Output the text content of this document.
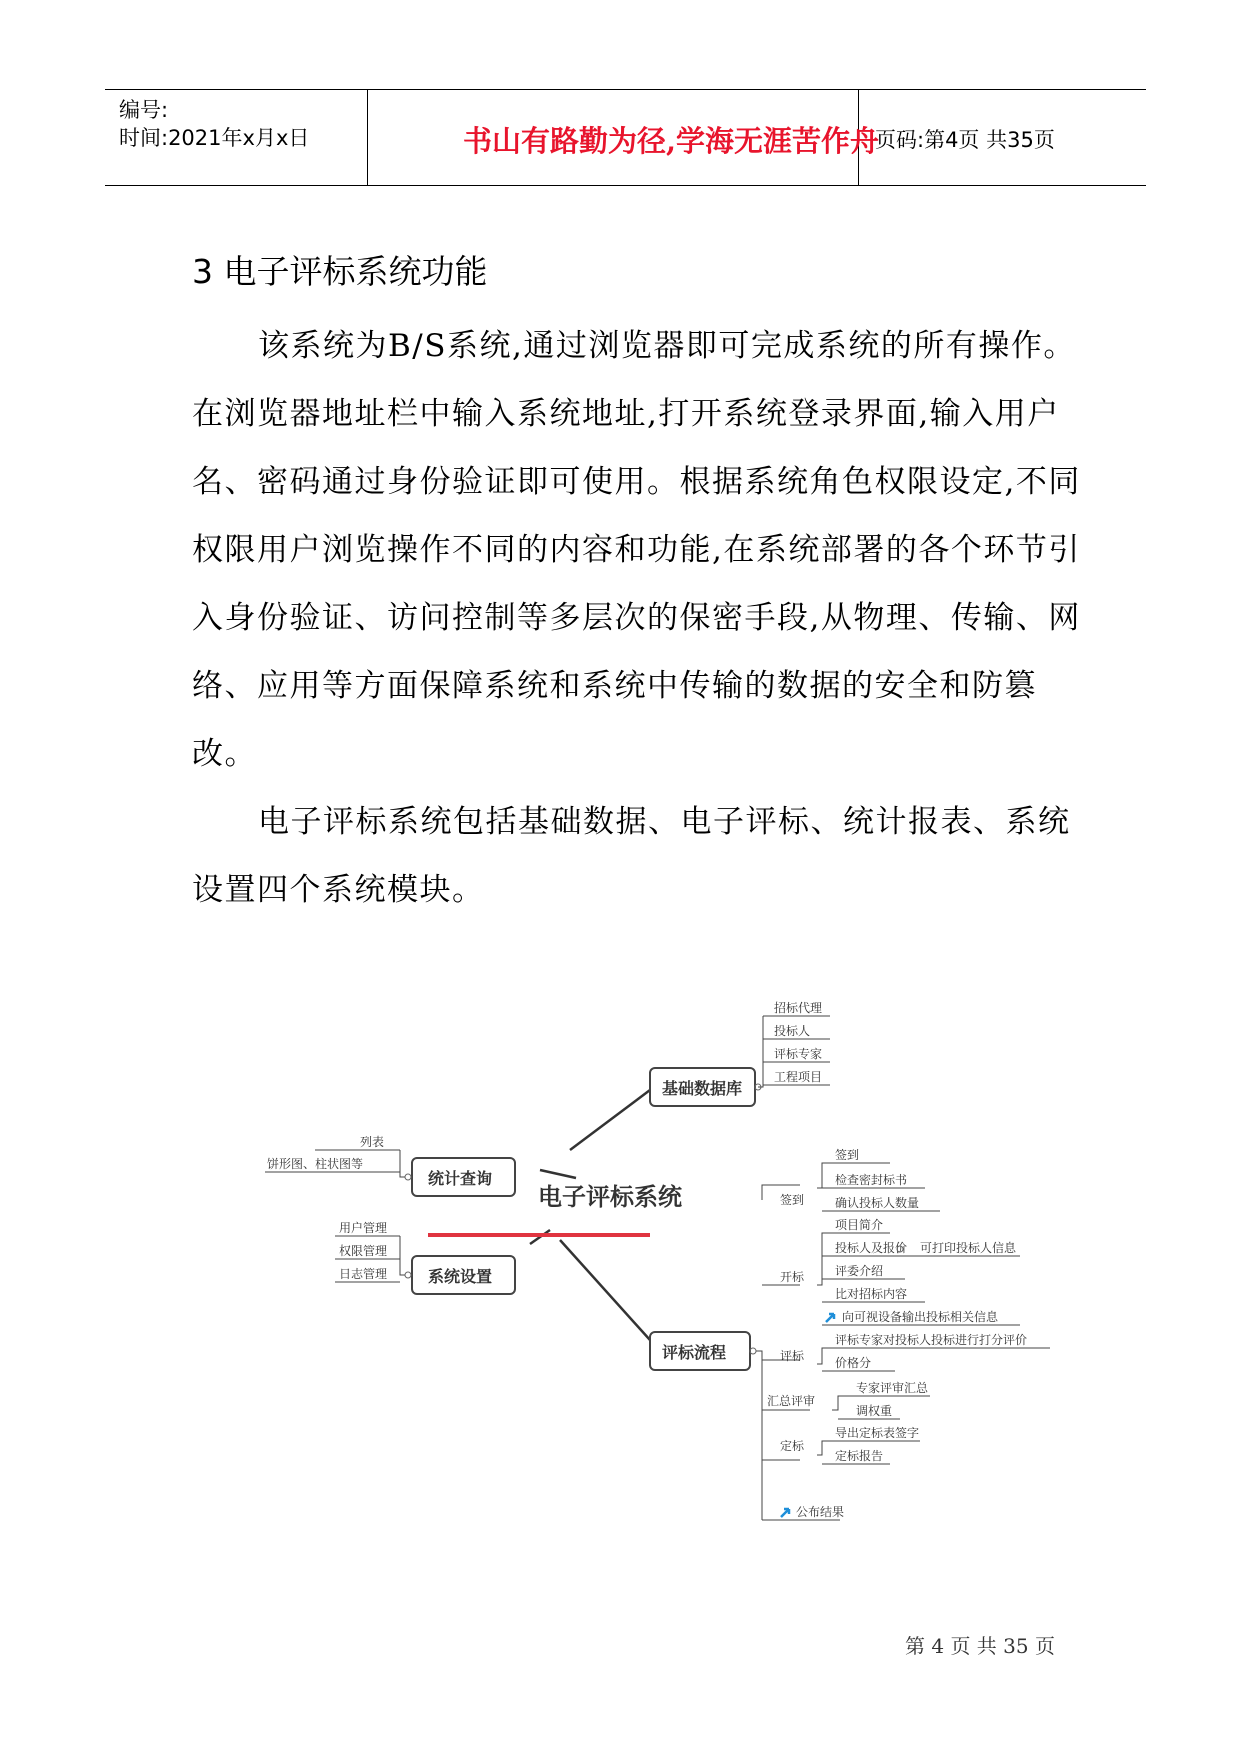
编号:
时间:2021年x月x日	书山有路勤为径,学海无涯苦作舟
页码:第4页 共35页
3 电子评标系统功能

该系统为B/S系统,通过浏览器即可完成系统的所有操作。在浏览器地址栏中输入系统地址,打开系统登录界面,输入用户名、密码通过身份验证即可使用。根据系统角色权限设定,不同权限用户浏览操作不同的内容和功能,在系统部署的各个环节引入身份验证、访问控制等多层次的保密手段,从物理、传输、网络、应用等方面保障系统和系统中传输的数据的安全和防篡改。

电子评标系统包括基础数据、电子评标、统计报表、系统设置四个系统模块。

电子评标系统
基础数据库
招标代理
投标人
评标专家
工程项目
统计查询
列表
饼形图、柱状图等
系统设置
用户管理
权限管理
日志管理
评标流程
签到
签到
检查密封标书
确认投标人数量
开标
项目简介
投标人及报价 可打印投标人信息
评委介绍
比对招标内容
向可视设备输出投标相关信息
评标
评标专家对投标人投标进行打分评价
价格分
汇总评审
专家评审汇总
调权重
定标
导出定标表签字
定标报告
公布结果
第 4 页 共 35 页
